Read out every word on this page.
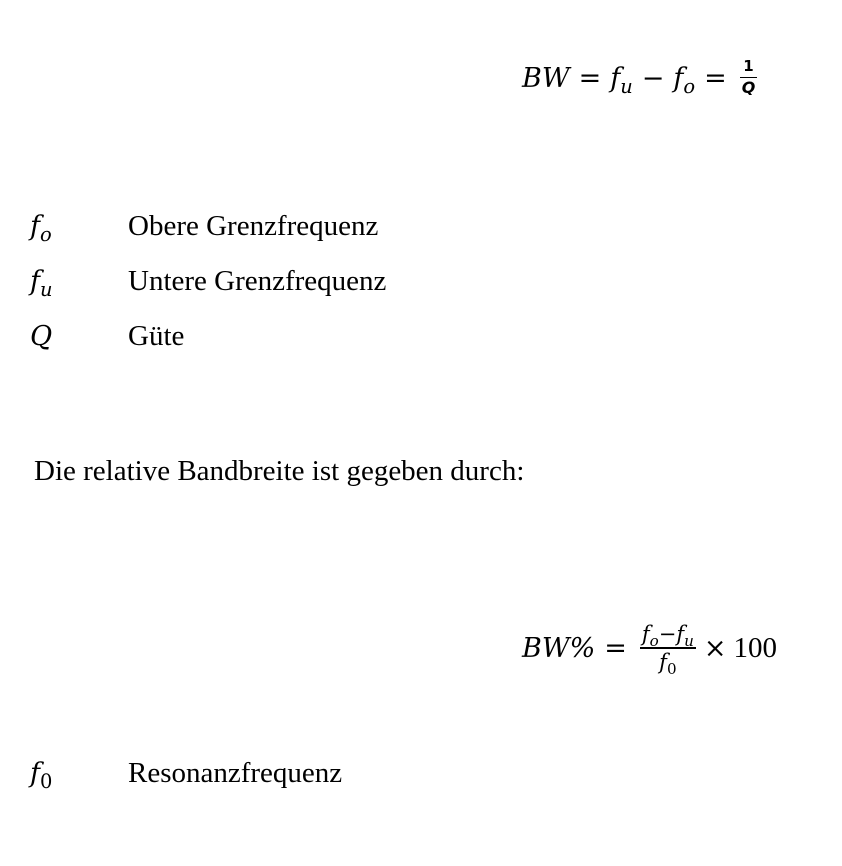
BW = $f_u - f_o = \frac{1}{Q}$
$f_o$	Obere Grenzfrequenz
$f_u$	Untere Grenzfrequenz
Q	Güte
Die relative Bandbreite ist gegeben durch:
$BW\% = \frac{f_o-f_u}{f_0} \times 100$
$f_0$	Resonanzfrequenz
